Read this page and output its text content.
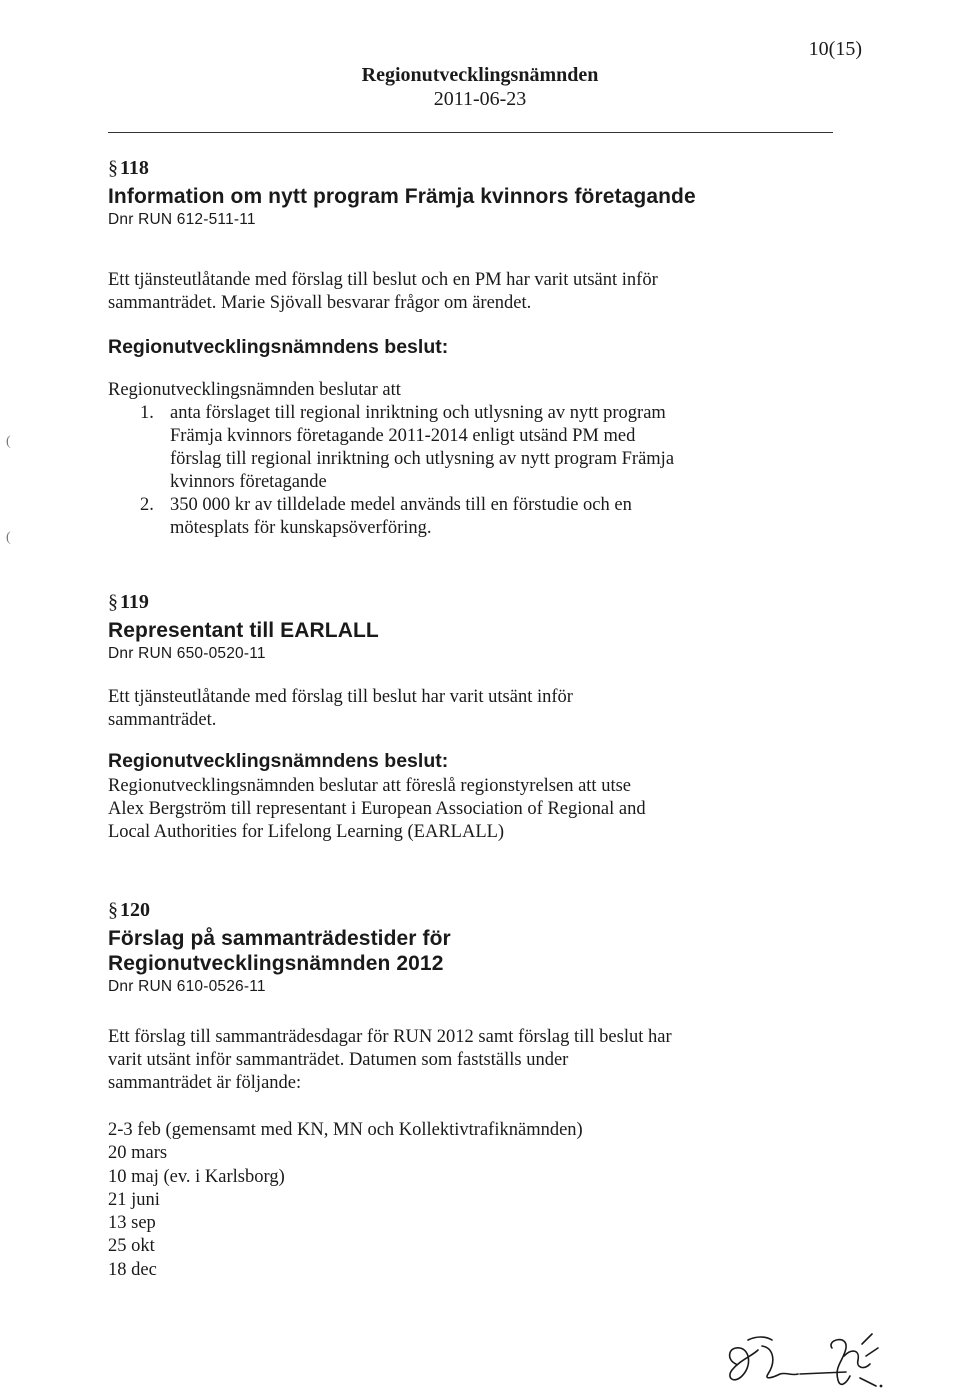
10(15)
Regionutvecklingsnämnden
2011-06-23
§ 118
Information om nytt program Främja kvinnors företagande
Dnr RUN 612-511-11
Ett tjänsteutlåtande med förslag till beslut och en PM har varit utsänt inför
sammanträdet. Marie Sjövall besvarar frågor om ärendet.
Regionutvecklingsnämndens beslut:
Regionutvecklingsnämnden beslutar att
1. anta förslaget till regional inriktning och utlysning av nytt program
Främja kvinnors företagande 2011-2014 enligt utsänd PM med
förslag till regional inriktning och utlysning av nytt program Främja
kvinnors företagande
2. 350 000 kr av tilldelade medel används till en förstudie och en
mötesplats för kunskapsöverföring.
§ 119
Representant till EARLALL
Dnr RUN 650-0520-11
Ett tjänsteutlåtande med förslag till beslut har varit utsänt inför
sammanträdet.
Regionutvecklingsnämndens beslut:
Regionutvecklingsnämnden beslutar att föreslå regionstyrelsen att utse
Alex Bergström till representant i European Association of Regional and
Local Authorities for Lifelong Learning (EARLALL)
§ 120
Förslag på sammanträdestider för
Regionutvecklingsnämnden 2012
Dnr RUN 610-0526-11
Ett förslag till sammanträdesdagar för RUN 2012 samt förslag till beslut har
varit utsänt inför sammanträdet. Datumen som fastställs under
sammanträdet är följande:
2-3 feb (gemensamt med KN, MN och Kollektivtrafiknämnden)
20 mars
10 maj (ev. i Karlsborg)
21 juni
13 sep
25 okt
18 dec
(
(
